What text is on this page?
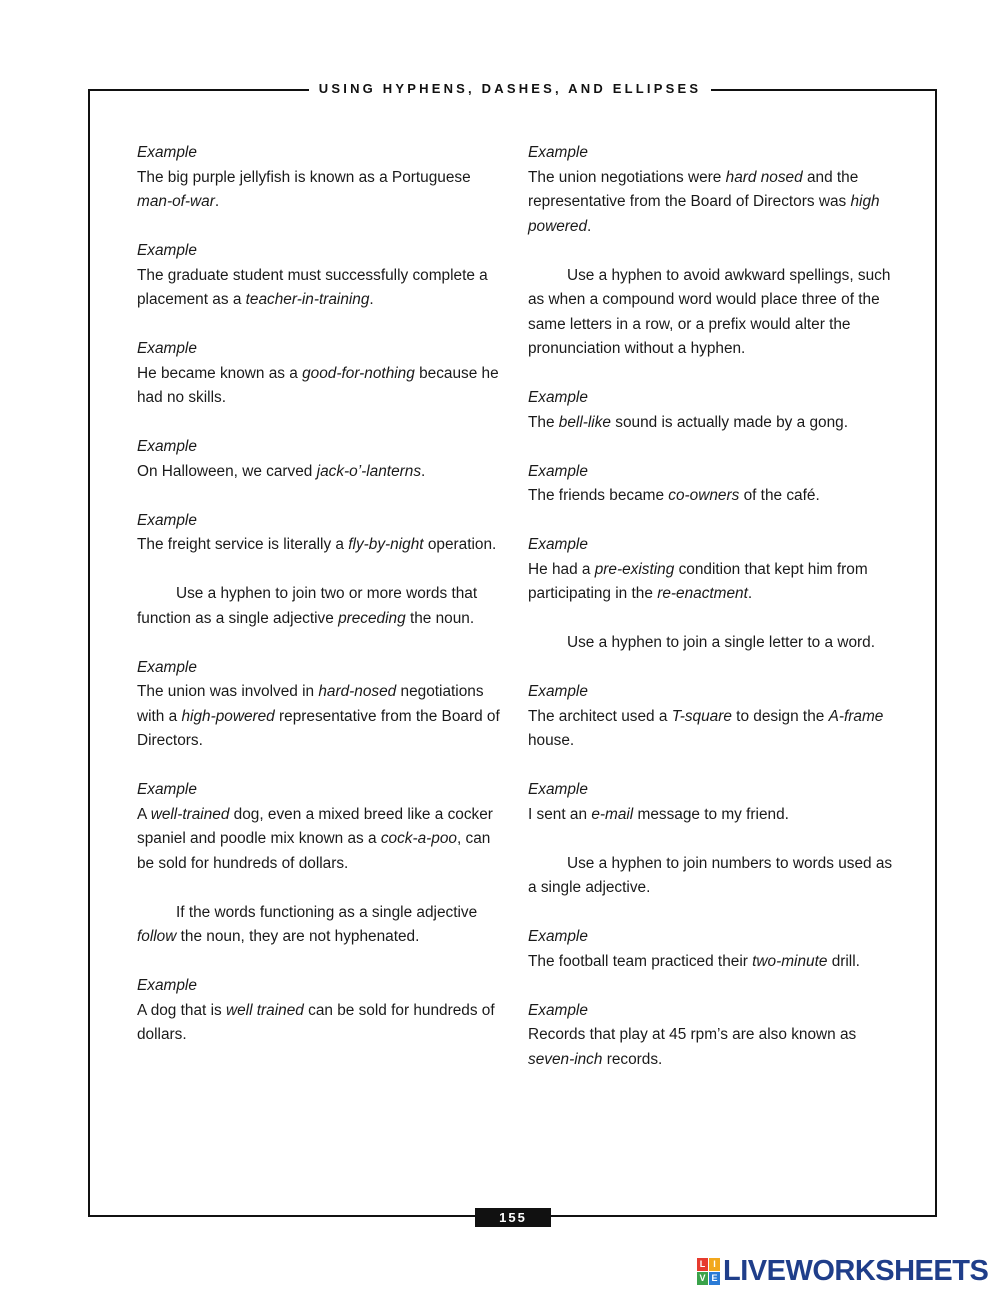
USING HYPHENS, DASHES, AND ELLIPSES
Example
The big purple jellyfish is known as a Portuguese man-of-war.
Example
The graduate student must successfully complete a placement as a teacher-in-training.
Example
He became known as a good-for-nothing because he had no skills.
Example
On Halloween, we carved jack-o’-lanterns.
Example
The freight service is literally a fly-by-night operation.
Use a hyphen to join two or more words that function as a single adjective preceding the noun.
Example
The union was involved in hard-nosed negotiations with a high-powered representative from the Board of Directors.
Example
A well-trained dog, even a mixed breed like a cocker spaniel and poodle mix known as a cock-a-poo, can be sold for hundreds of dollars.
If the words functioning as a single adjective follow the noun, they are not hyphenated.
Example
A dog that is well trained can be sold for hundreds of dollars.
Example
The union negotiations were hard nosed and the representative from the Board of Directors was high powered.
Use a hyphen to avoid awkward spellings, such as when a compound word would place three of the same letters in a row, or a prefix would alter the pronunciation without a hyphen.
Example
The bell-like sound is actually made by a gong.
Example
The friends became co-owners of the café.
Example
He had a pre-existing condition that kept him from participating in the re-enactment.
Use a hyphen to join a single letter to a word.
Example
The architect used a T-square to design the A-frame house.
Example
I sent an e-mail message to my friend.
Use a hyphen to join numbers to words used as a single adjective.
Example
The football team practiced their two-minute drill.
Example
Records that play at 45 rpm’s are also known as seven-inch records.
155
L I
V E LIVEWORKSHEETS
